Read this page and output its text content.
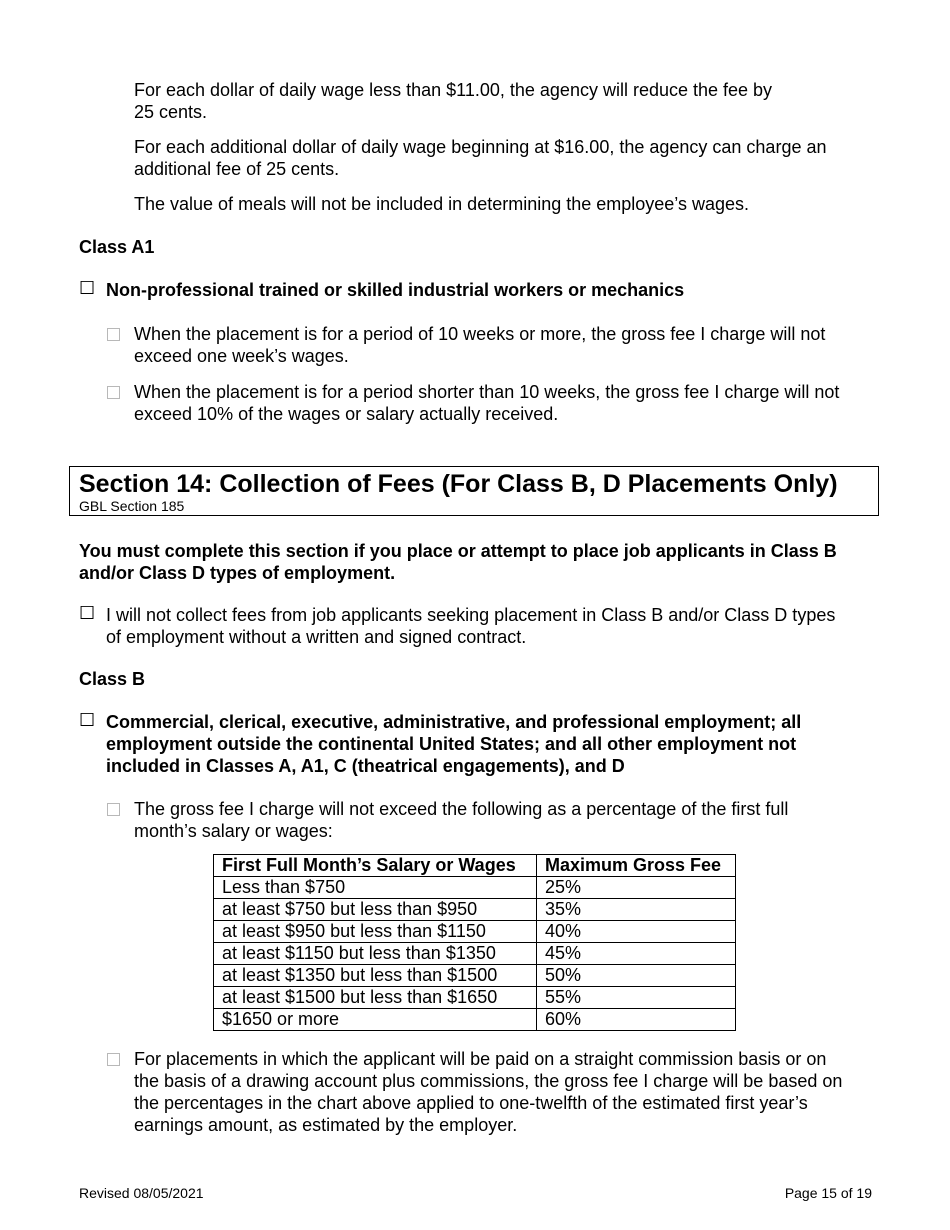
For each dollar of daily wage less than $11.00, the agency will reduce the fee by
25 cents.
For each additional dollar of daily wage beginning at $16.00, the agency can charge an
additional fee of 25 cents.
The value of meals will not be included in determining the employee’s wages.
Class A1
☐ Non-professional trained or skilled industrial workers or mechanics
When the placement is for a period of 10 weeks or more, the gross fee I charge will not
exceed one week’s wages.
When the placement is for a period shorter than 10 weeks, the gross fee I charge will not
exceed 10% of the wages or salary actually received.
Section 14: Collection of Fees (For Class B, D Placements Only)
GBL Section 185
You must complete this section if you place or attempt to place job applicants in Class B
and/or Class D types of employment.
☐ I will not collect fees from job applicants seeking placement in Class B and/or Class D types
of employment without a written and signed contract.
Class B
☐ Commercial, clerical, executive, administrative, and professional employment; all
employment outside the continental United States; and all other employment not
included in Classes A, A1, C (theatrical engagements), and D
The gross fee I charge will not exceed the following as a percentage of the first full
month’s salary or wages:
First Full Month’s Salary or Wages	Maximum Gross Fee
Less than $750	25%
at least $750 but less than $950	35%
at least $950 but less than $1150	40%
at least $1150 but less than $1350	45%
at least $1350 but less than $1500	50%
at least $1500 but less than $1650	55%
$1650 or more	60%
For placements in which the applicant will be paid on a straight commission basis or on
the basis of a drawing account plus commissions, the gross fee I charge will be based on
the percentages in the chart above applied to one-twelfth of the estimated first year’s
earnings amount, as estimated by the employer.
Revised 08/05/2021	Page 15 of 19
